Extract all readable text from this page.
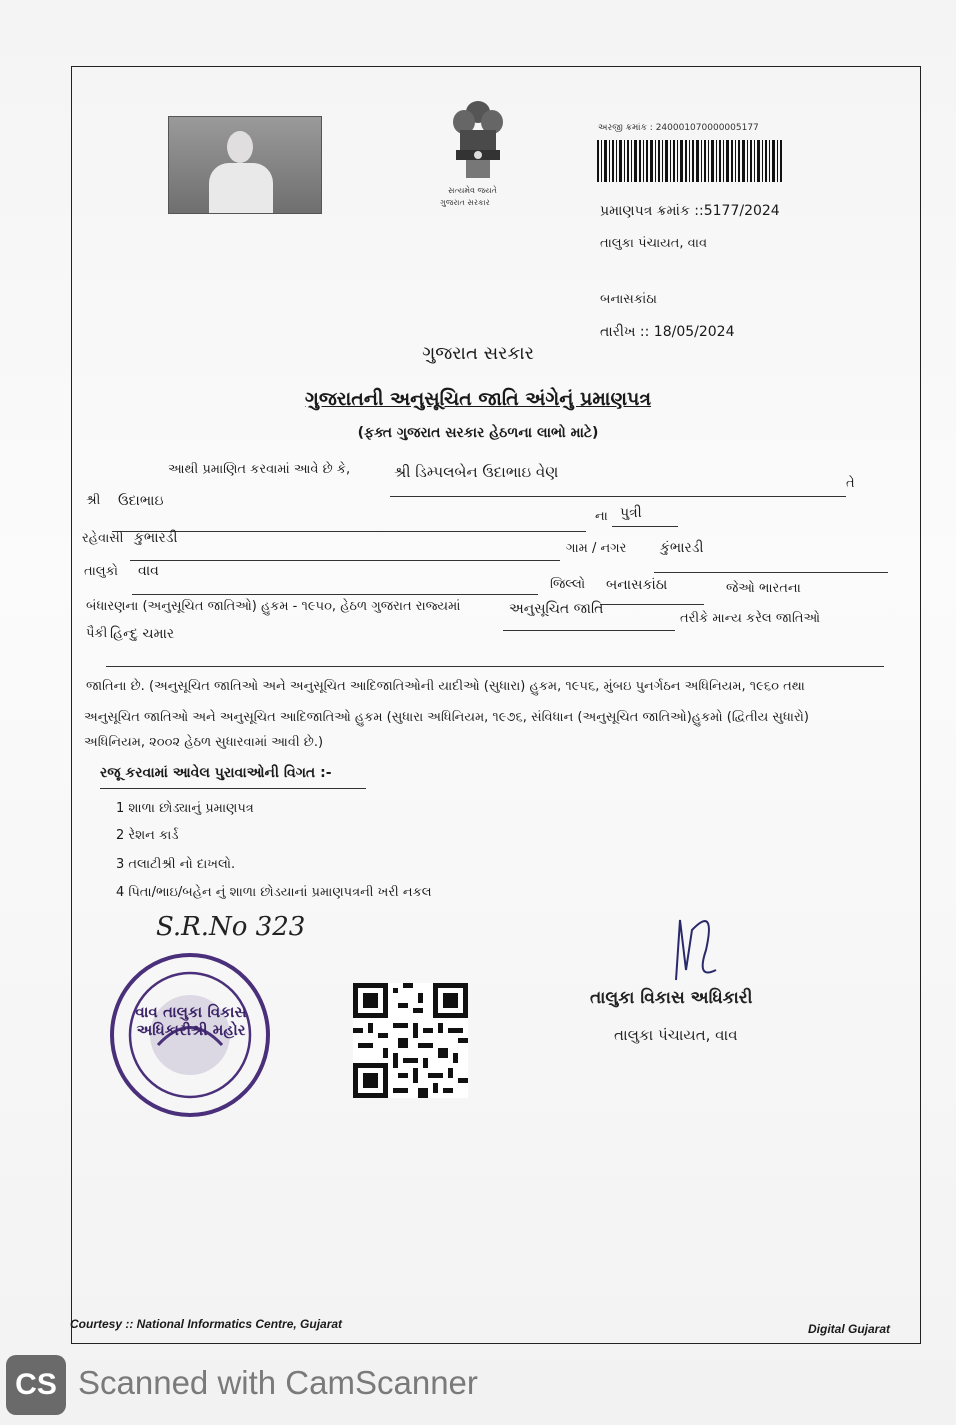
સત્યમેવ જયતે
ગુજરાત સરકાર
અરજી ક્રમાંક : 240001070000005177
પ્રમાણપત્ર ક્રમાંક ::5177/2024
તાલુકા પંચાયત, વાવ
બનાસકાંઠા
તારીખ :: 18/05/2024
ગુજરાત સરકાર
ગુજરાતની અનુસૂચિત જાતિ અંગેનું પ્રમાણપત્ર
(ફક્ત ગુજરાત સરકાર હેઠળના લાભો માટે)
આથી પ્રમાણિત કરવામાં આવે છે કે,	શ્રી ડિમ્પલબેન ઉદાભાઇ વેણ
તે
શ્રી ઉદાભાઇ
ના પુત્રી
રહેવાસી કુંભારડી
ગામ / નગર કુંભારડી
તાલુકો વાવ
જિલ્લો બનાસકાંઠા	જેઓ ભારતના
બંધારણના (અનુસૂચિત જાતિઓ) હુકમ - ૧૯૫૦, હેઠળ ગુજરાત રાજ્યમાં	અનુસૂચિત જાતિ
તરીકે માન્ય કરેલ જાતિઓ
પૈકી હિન્દુ ચમાર
જાતિના છે. (અનુસૂચિત જાતિઓ અને અનુસૂચિત આદિજાતિઓની યાદીઓ (સુધારા) હુકમ, ૧૯૫૬, મુંબઇ પુનર્ગઠન અધિનિયમ, ૧૯૬૦ તથા
અનુસૂચિત જાતિઓ અને અનુસૂચિત આદિજાતિઓ હુકમ (સુધારા અધિનિયમ, ૧૯૭૬, સંવિધાન (અનુસૂચિત જાતિઓ)હુકમો (દ્વિતીય સુધારો)
અધિનિયમ, ૨૦૦૨ હેઠળ સુધારવામાં આવી છે.)
રજૂ કરવામાં આવેલ પુરાવાઓની વિગત :-
1 શાળા છોડ્યાનું પ્રમાણપત્ર
2 રેશન કાર્ડ
3 તલાટીશ્રી નો દાખલો.
4 પિતા/ભાઇ/બહેન નું શાળા છોડયાનાં પ્રમાણપત્રની ખરી નકલ
S.R.No 323
વાવ તાલુકા વિકાસ અધિકારીશ્રી મહોર
તાલુકા વિકાસ અધિકારી
તાલુકા પંચાયત, વાવ
Courtesy :: National Informatics Centre, Gujarat	Digital Gujarat
CS Scanned with CamScanner
